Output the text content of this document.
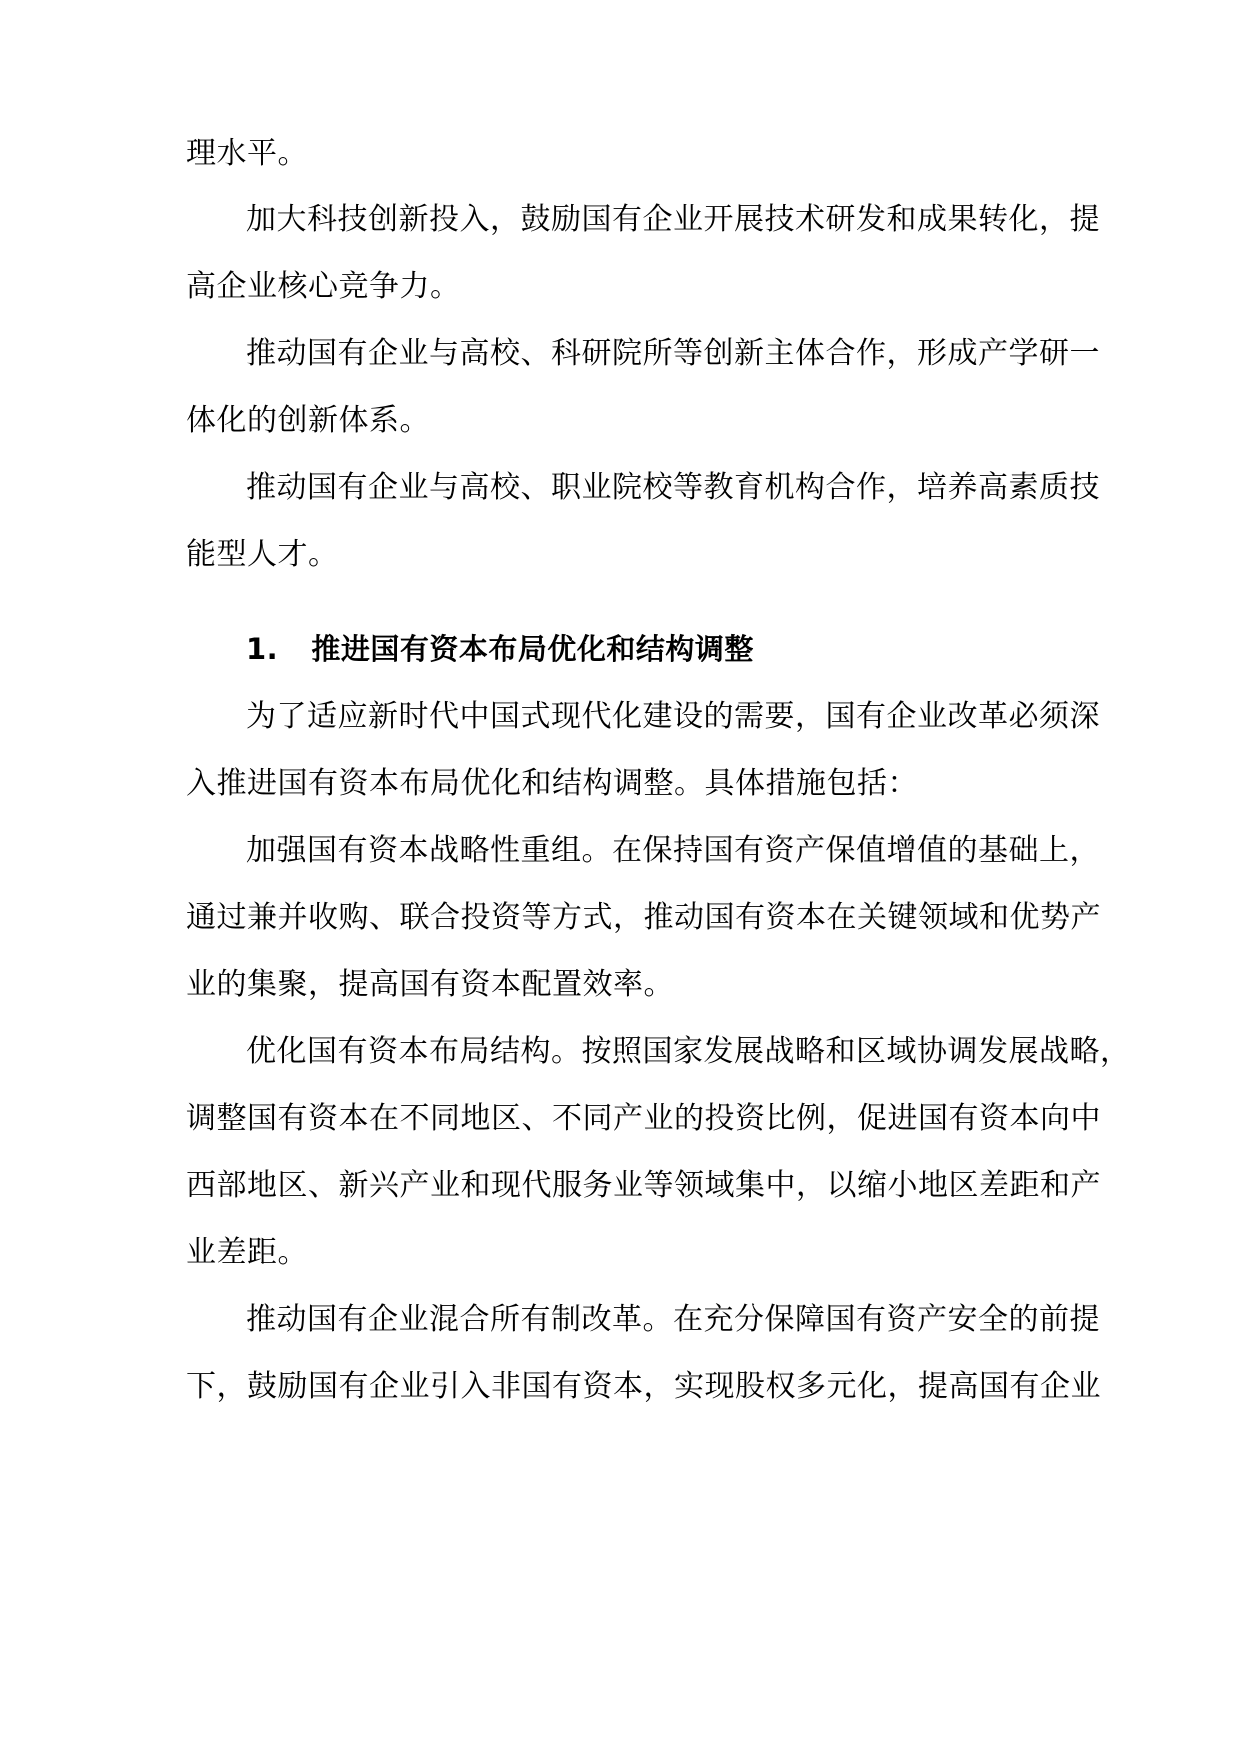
理水平。
加大科技创新投入，鼓励国有企业开展技术研发和成果转化，提
高企业核心竞争力。
推动国有企业与高校、科研院所等创新主体合作，形成产学研一
体化的创新体系。
推动国有企业与高校、职业院校等教育机构合作，培养高素质技
能型人才。
1. 推进国有资本布局优化和结构调整
为了适应新时代中国式现代化建设的需要，国有企业改革必须深
入推进国有资本布局优化和结构调整。具体措施包括：
加强国有资本战略性重组。在保持国有资产保值增值的基础上，
通过兼并收购、联合投资等方式，推动国有资本在关键领域和优势产
业的集聚，提高国有资本配置效率。
优化国有资本布局结构。按照国家发展战略和区域协调发展战略，
调整国有资本在不同地区、不同产业的投资比例，促进国有资本向中
西部地区、新兴产业和现代服务业等领域集中，以缩小地区差距和产
业差距。
推动国有企业混合所有制改革。在充分保障国有资产安全的前提
下，鼓励国有企业引入非国有资本，实现股权多元化，提高国有企业
